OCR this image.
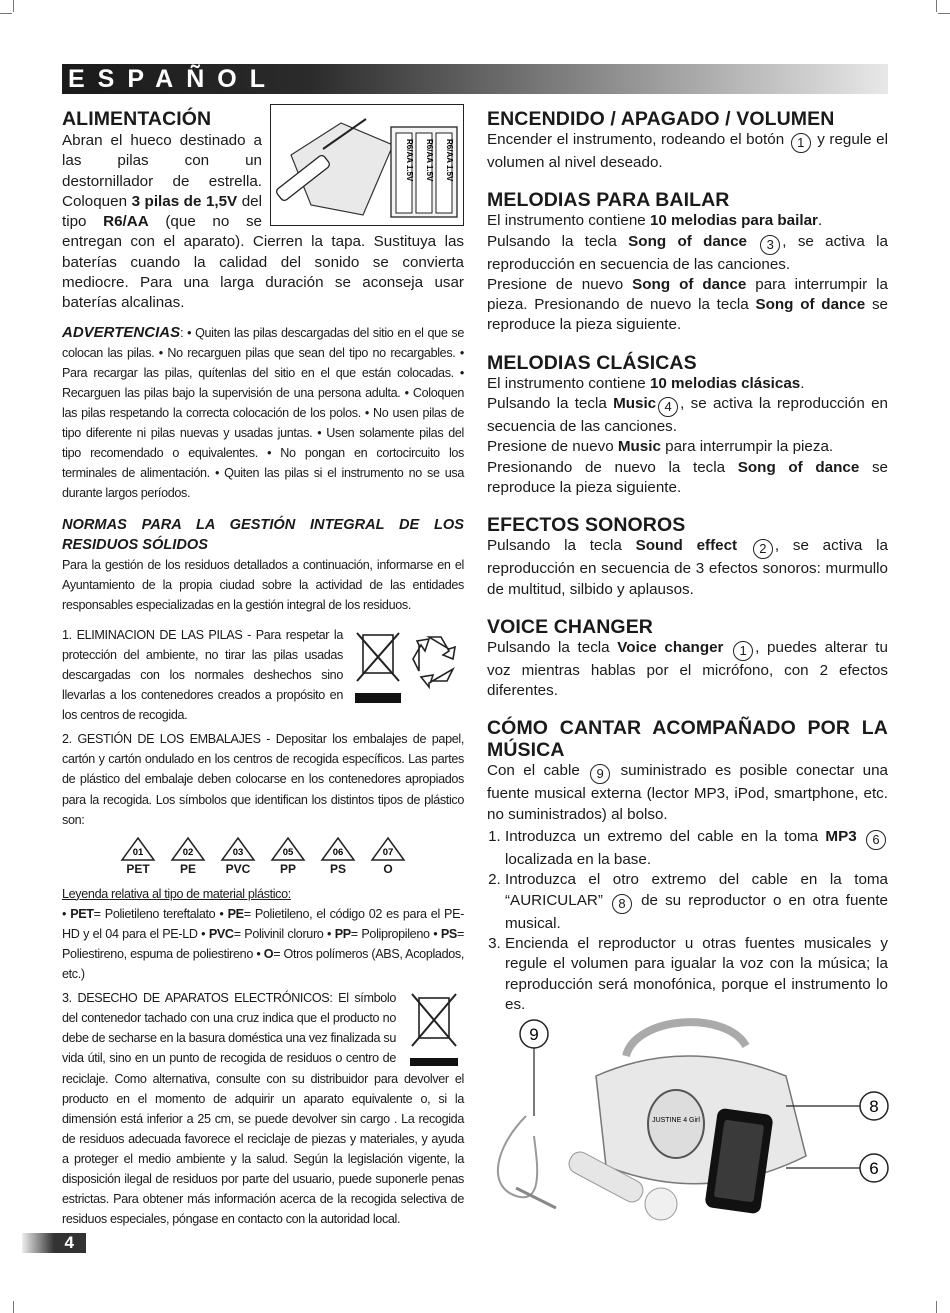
ESPAÑOL
R6/AA 1.5V R6/AA 1.5V R6/AA 1.5V
ALIMENTACIÓN

Abran el hueco destinado a las pilas con un destornillador de estrella. Coloquen 3 pilas de 1,5V del tipo R6/AA (que no se entregan con el aparato). Cierren la tapa. Sustituya las baterías cuando la calidad del sonido se convierta mediocre. Para una larga duración se aconseja usar baterías alcalinas.

ADVERTENCIAS: • Quiten las pilas descargadas del sitio en el que se colocan las pilas. • No recarguen pilas que sean del tipo no recargables. • Para recargar las pilas, quítenlas del sitio en el que están colocadas. • Recarguen las pilas bajo la supervisión de una persona adulta. • Coloquen las pilas respetando la correcta colocación de los polos. • No usen pilas de tipo diferente ni pilas nuevas y usadas juntas. • Usen solamente pilas del tipo recomendado o equivalentes. • No pongan en cortocircuito los terminales de alimentación. • Quiten las pilas si el instrumento no se usa durante largos períodos.

NORMAS PARA LA GESTIÓN INTEGRAL DE LOS RESIDUOS SÓLIDOS

Para la gestión de los residuos detallados a continuación, informarse en el Ayuntamiento de la propia ciudad sobre la actividad de las entidades responsables especializadas en la gestión integral de los residuos.

1. ELIMINACION DE LAS PILAS - Para respetar la protección del ambiente, no tirar las pilas usadas descargadas con los normales deshechos sino llevarlas a los contenedores creados a propósito en los centros de recogida.

2. GESTIÓN DE LOS EMBALAJES - Depositar los embalajes de papel, cartón y cartón ondulado en los centros de recogida específicos. Las partes de plástico del embalaje deben colocarse en los contenedores apropiados para la recogida. Los símbolos que identifican los distintos tipos de plástico son:

01
PET
02
PE
03
PVC
05
PP
06
PS
07
O

Leyenda relativa al tipo de material plástico:

• PET= Polietileno tereftalato • PE= Polietileno, el código 02 es para el PE-HD y el 04 para el PE-LD • PVC= Polivinil cloruro • PP= Polipropileno • PS= Poliestireno, espuma de poliestireno • O= Otros polímeros (ABS, Acoplados, etc.)

3. DESECHO DE APARATOS ELECTRÓNICOS: El símbolo del contenedor tachado con una cruz indica que el producto no debe de secharse en la basura doméstica una vez finalizada su vida útil, sino en un punto de recogida de residuos o centro de reciclaje. Como alternativa, consulte con su distribuidor para devolver el producto en el momento de adquirir un aparato equivalente o, si la dimensión está inferior a 25 cm, se puede devolver sin cargo . La recogida de residuos adecuada favorece el reciclaje de piezas y materiales, y ayuda a proteger el medio ambiente y la salud. Según la legislación vigente, la disposición ilegal de residuos por parte del usuario, puede suponerle penas estrictas. Para obtener más información acerca de la recogida selectiva de residuos especiales, póngase en contacto con la autoridad local.

ENCENDIDO / APAGADO / VOLUMEN

Encender el instrumento, rodeando el botón 1 y regule el volumen al nivel deseado.

MELODIAS PARA BAILAR

El instrumento contiene 10 melodias para bailar.
Pulsando la tecla Song of dance 3 , se activa la reproducción en secuencia de las canciones.
Presione de nuevo Song of dance para interrumpir la pieza. Presionando de nuevo la tecla Song of dance se reproduce la pieza siguiente.

MELODIAS CLÁSICAS

El instrumento contiene 10 melodias clásicas.
Pulsando la tecla Music 4 , se activa la reproducción en secuencia de las canciones.
Presione de nuevo Music para interrumpir la pieza.
Presionando de nuevo la tecla Song of dance se reproduce la pieza siguiente.

EFECTOS SONOROS

Pulsando la tecla Sound effect 2 , se activa la reproducción en secuencia de 3 efectos sonoros: murmullo de multitud, silbido y aplausos.

VOICE CHANGER

Pulsando la tecla Voice changer 1 , puedes alterar tu voz mientras hablas por el micrófono, con 2 efectos diferentes.

CÓMO CANTAR ACOMPAÑADO POR LA MÚSICA

Con el cable 9 suministrado es posible conectar una fuente musical externa (lector MP3, iPod, smartphone, etc. no suministrados) al bolso.

1. Introduzca un extremo del cable en la toma MP3 6 localizada en la base.
2. Introduzca el otro extremo del cable en la toma “AURICULAR” 8 de su reproductor o en otra fuente musical.
3. Encienda el reproductor u otras fuentes musicales y regule el volumen para igualar la voz con la música; la reproducción será monofónica, porque el instrumento lo es.
9
JUSTINE 4 Girl
8
6
4
